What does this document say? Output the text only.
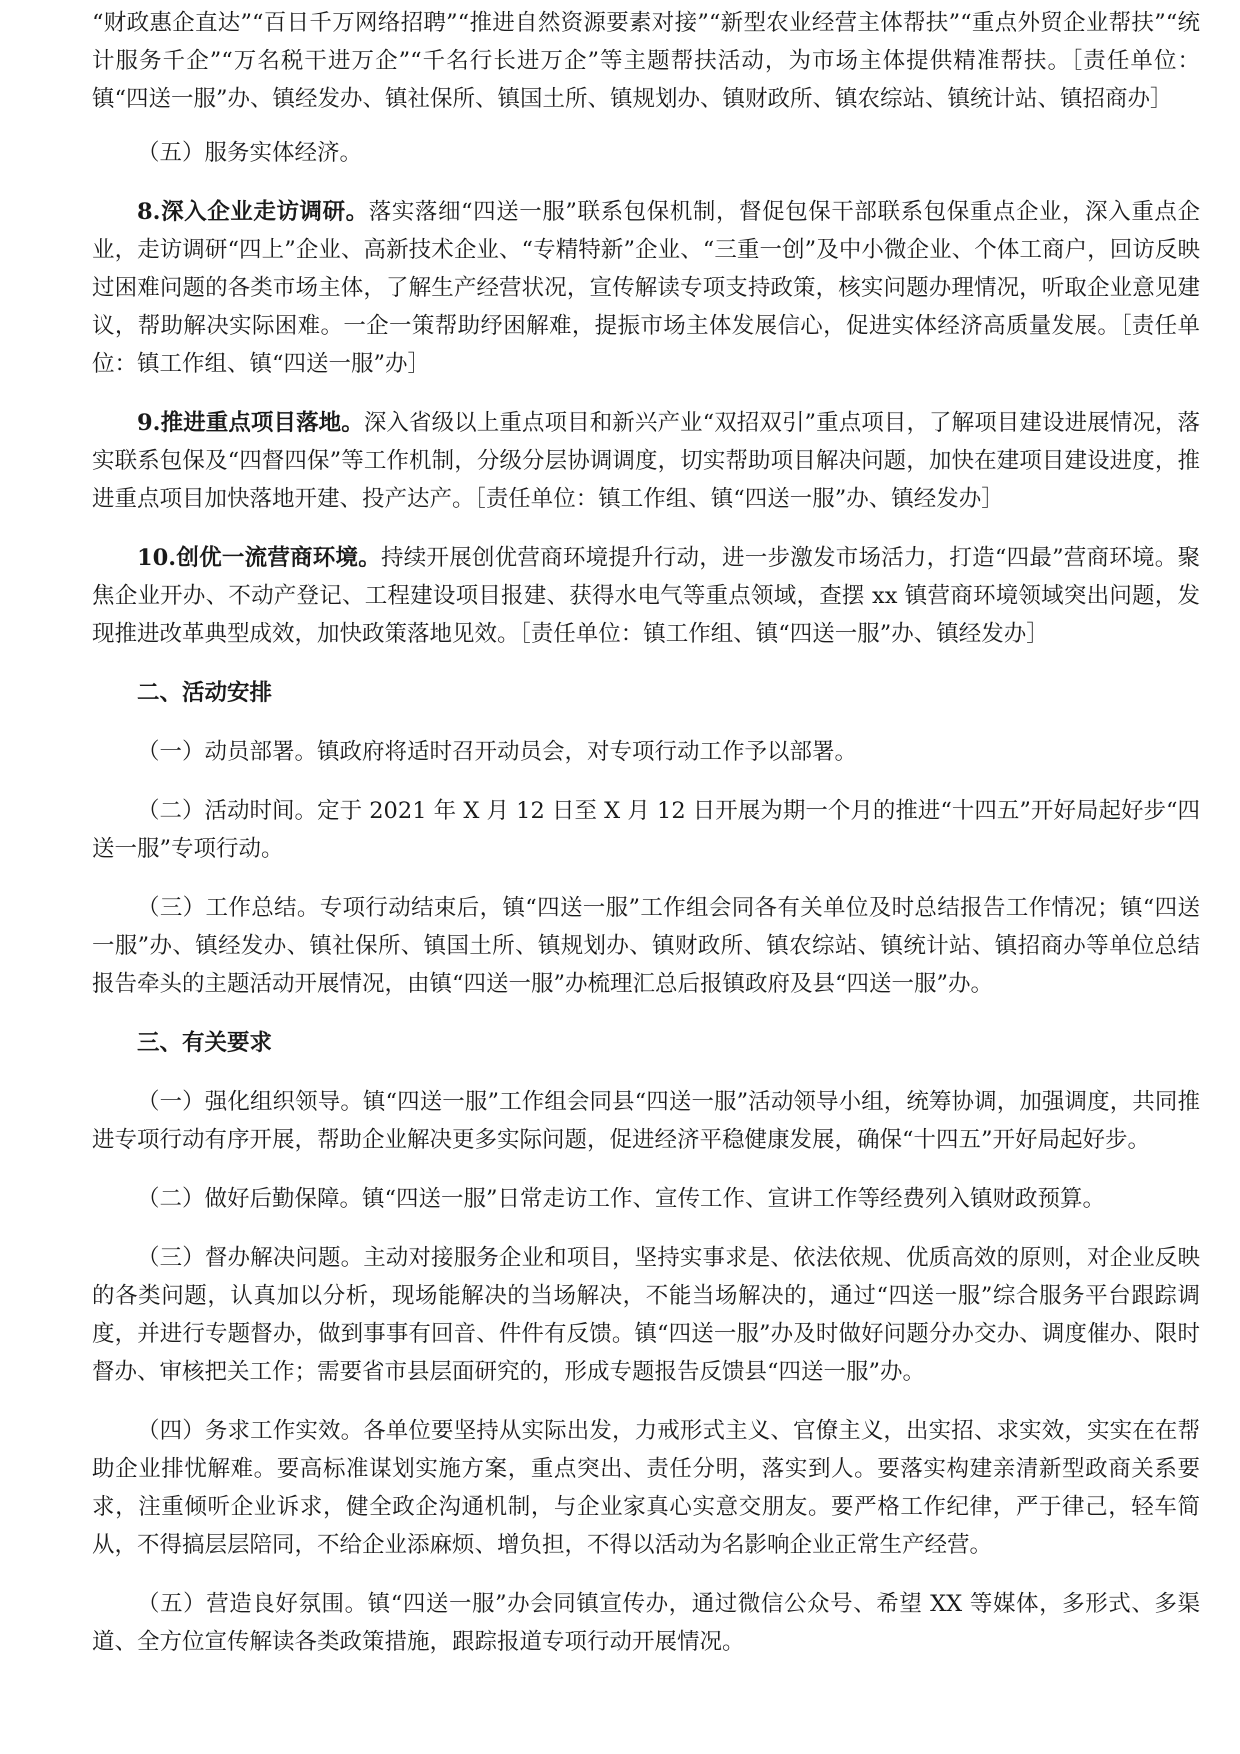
“财政惠企直达”“百日千万网络招聘”“推进自然资源要素对接”“新型农业经营主体帮扶”“重点外贸企业帮扶”“统计服务千企”“万名税干进万企”“千名行长进万企”等主题帮扶活动，为市场主体提供精准帮扶。［责任单位：镇“四送一服”办、镇经发办、镇社保所、镇国土所、镇规划办、镇财政所、镇农综站、镇统计站、镇招商办］

（五）服务实体经济。

8.深入企业走访调研。落实落细“四送一服”联系包保机制，督促包保干部联系包保重点企业，深入重点企业，走访调研“四上”企业、高新技术企业、“专精特新”企业、“三重一创”及中小微企业、个体工商户，回访反映过困难问题的各类市场主体，了解生产经营状况，宣传解读专项支持政策，核实问题办理情况，听取企业意见建议，帮助解决实际困难。一企一策帮助纾困解难，提振市场主体发展信心，促进实体经济高质量发展。［责任单位：镇工作组、镇“四送一服”办］

9.推进重点项目落地。深入省级以上重点项目和新兴产业“双招双引”重点项目，了解项目建设进展情况，落实联系包保及“四督四保”等工作机制，分级分层协调调度，切实帮助项目解决问题，加快在建项目建设进度，推进重点项目加快落地开建、投产达产。［责任单位：镇工作组、镇“四送一服”办、镇经发办］

10.创优一流营商环境。持续开展创优营商环境提升行动，进一步激发市场活力，打造“四最”营商环境。聚焦企业开办、不动产登记、工程建设项目报建、获得水电气等重点领域，查摆 xx 镇营商环境领域突出问题，发现推进改革典型成效，加快政策落地见效。［责任单位：镇工作组、镇“四送一服”办、镇经发办］

二、活动安排

（一）动员部署。镇政府将适时召开动员会，对专项行动工作予以部署。

（二）活动时间。定于 2021 年 X 月 12 日至 X 月 12 日开展为期一个月的推进“十四五”开好局起好步“四送一服”专项行动。

（三）工作总结。专项行动结束后，镇“四送一服”工作组会同各有关单位及时总结报告工作情况；镇“四送一服”办、镇经发办、镇社保所、镇国土所、镇规划办、镇财政所、镇农综站、镇统计站、镇招商办等单位总结报告牵头的主题活动开展情况，由镇“四送一服”办梳理汇总后报镇政府及县“四送一服”办。

三、有关要求

（一）强化组织领导。镇“四送一服”工作组会同县“四送一服”活动领导小组，统筹协调，加强调度，共同推进专项行动有序开展，帮助企业解决更多实际问题，促进经济平稳健康发展，确保“十四五”开好局起好步。

（二）做好后勤保障。镇“四送一服”日常走访工作、宣传工作、宣讲工作等经费列入镇财政预算。

（三）督办解决问题。主动对接服务企业和项目，坚持实事求是、依法依规、优质高效的原则，对企业反映的各类问题，认真加以分析，现场能解决的当场解决，不能当场解决的，通过“四送一服”综合服务平台跟踪调度，并进行专题督办，做到事事有回音、件件有反馈。镇“四送一服”办及时做好问题分办交办、调度催办、限时督办、审核把关工作；需要省市县层面研究的，形成专题报告反馈县“四送一服”办。

（四）务求工作实效。各单位要坚持从实际出发，力戒形式主义、官僚主义，出实招、求实效，实实在在帮助企业排忧解难。要高标准谋划实施方案，重点突出、责任分明，落实到人。要落实构建亲清新型政商关系要求，注重倾听企业诉求，健全政企沟通机制，与企业家真心实意交朋友。要严格工作纪律，严于律己，轻车简从，不得搞层层陪同，不给企业添麻烦、增负担，不得以活动为名影响企业正常生产经营。

（五）营造良好氛围。镇“四送一服”办会同镇宣传办，通过微信公众号、希望 XX 等媒体，多形式、多渠道、全方位宣传解读各类政策措施，跟踪报道专项行动开展情况。
